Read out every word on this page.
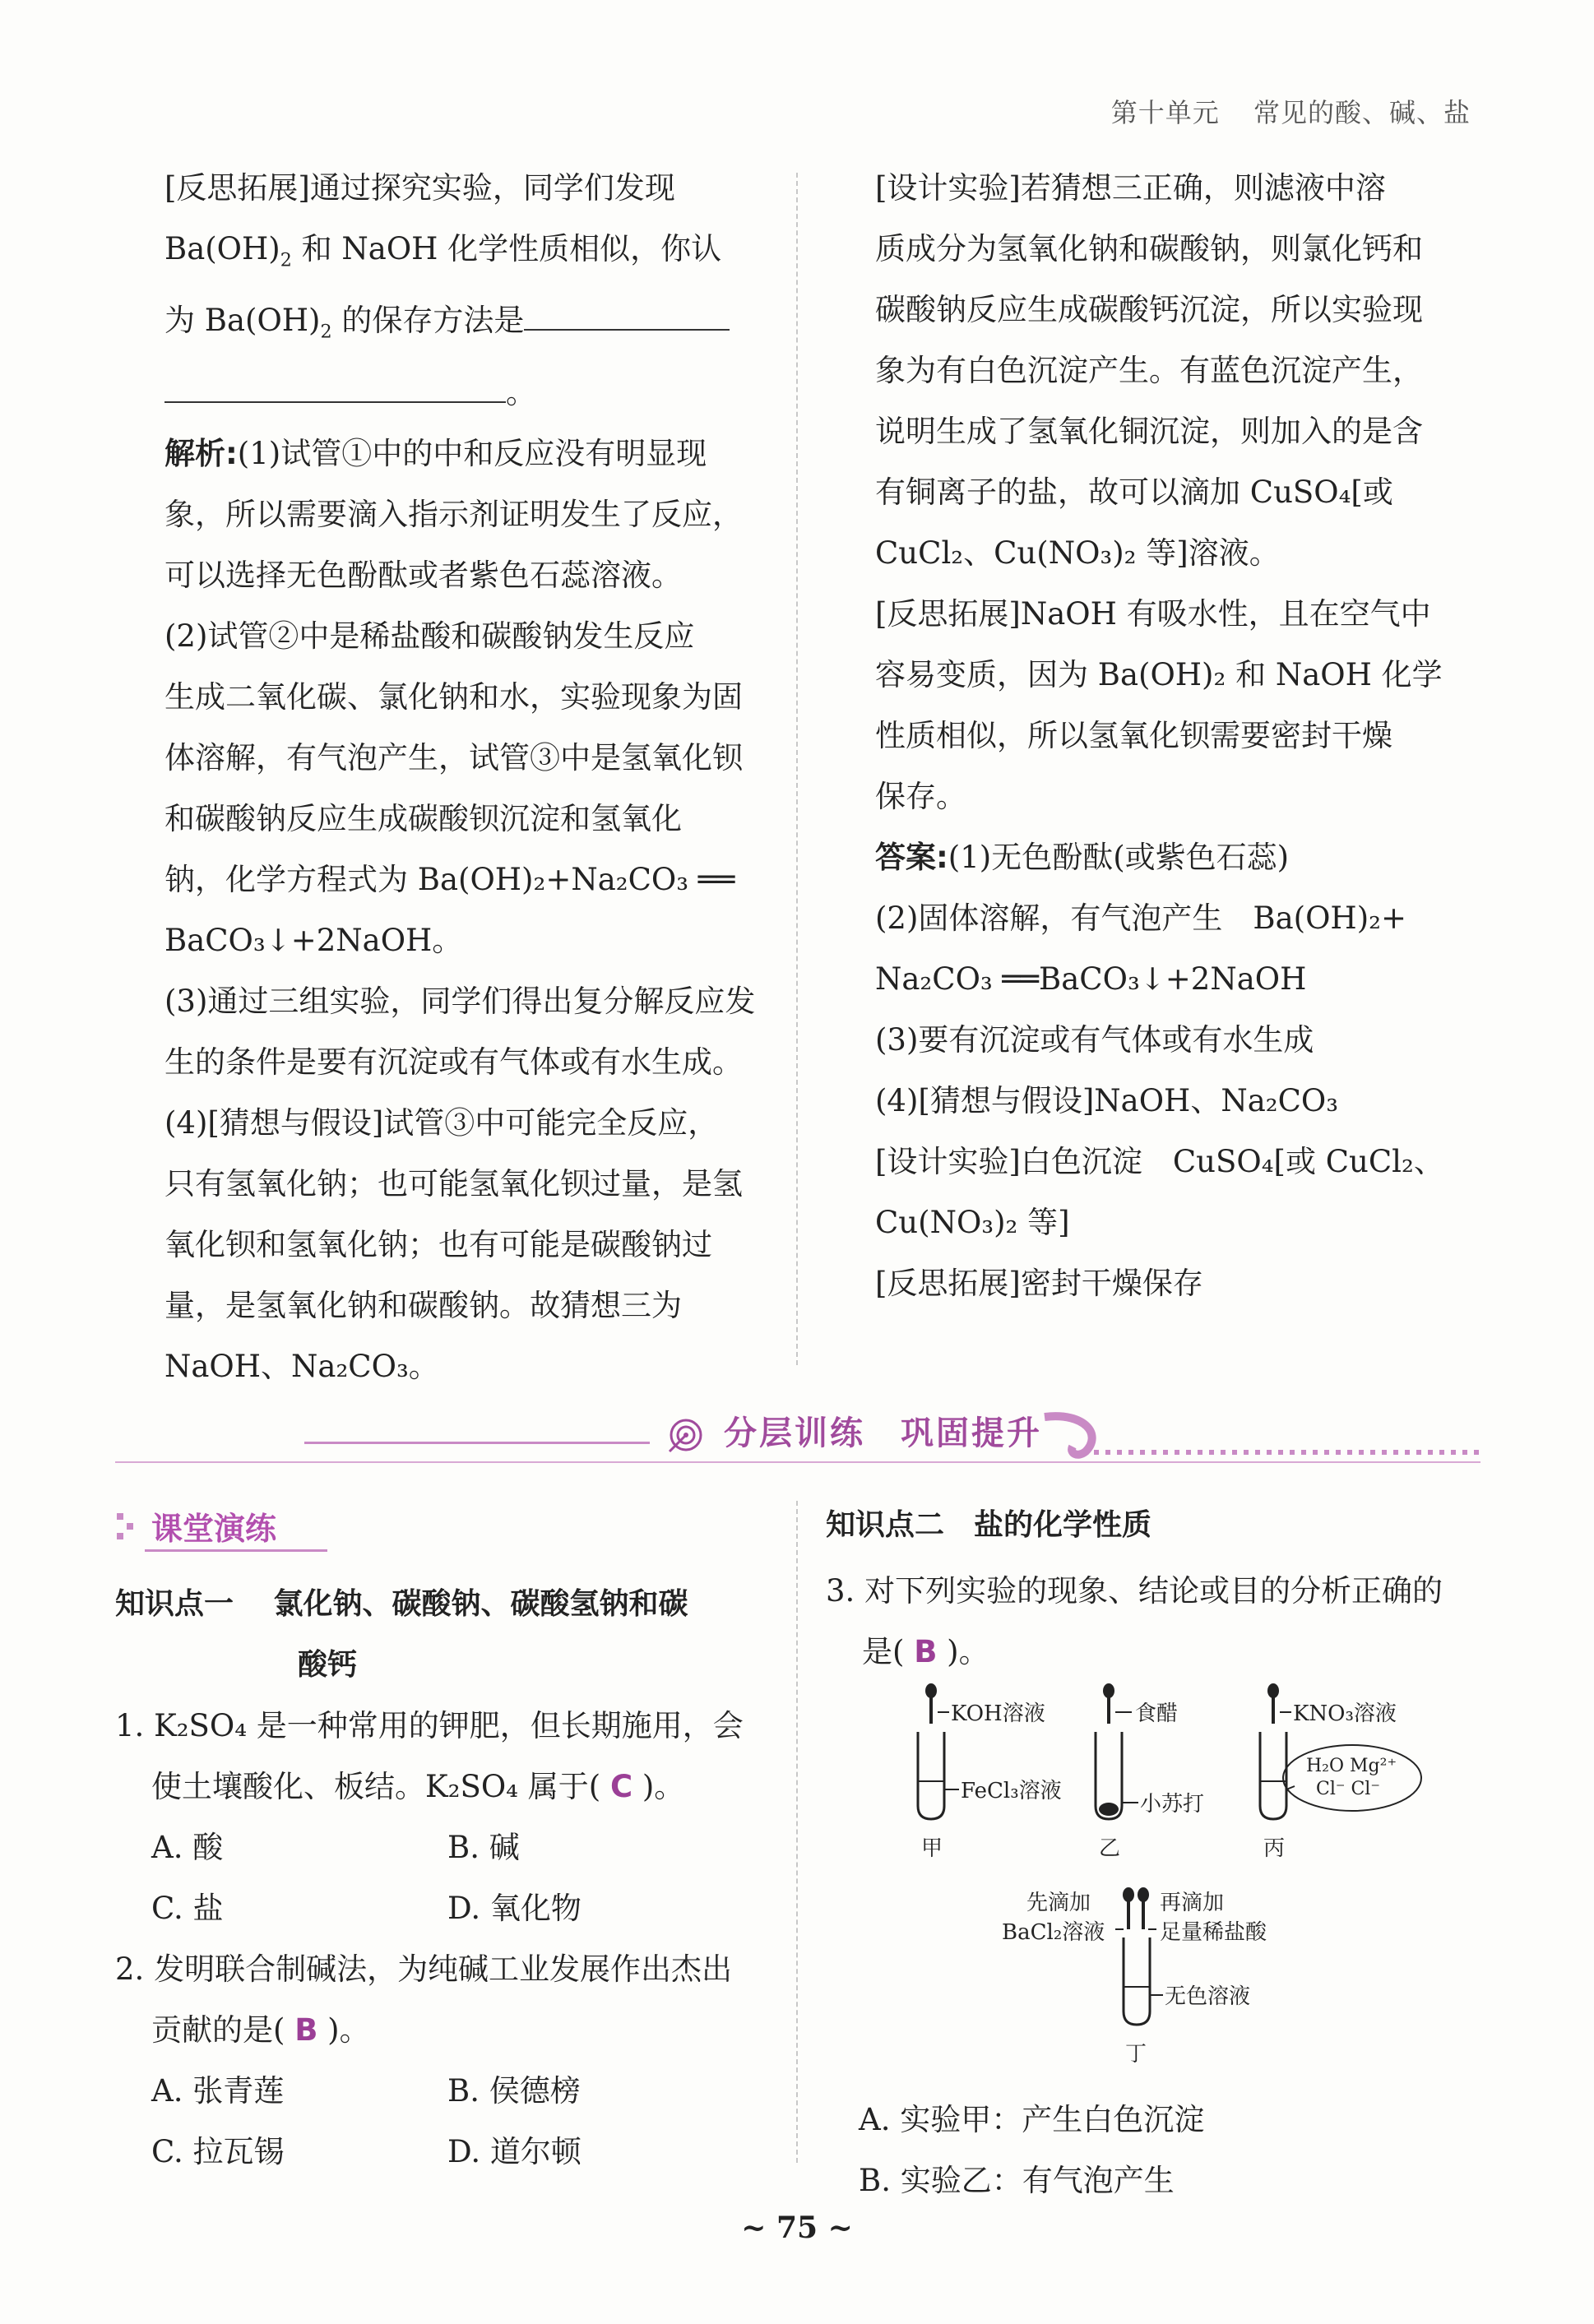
第十单元 常见的酸、碱、盐

[反思拓展]通过探究实验，同学们发现

$Ba(OH)_2$ 和 NaOH 化学性质相似，你认

为 $Ba(OH)_2$ 的保存方法是

。

解析:(1)试管①中的中和反应没有明显现

象，所以需要滴入指示剂证明发生了反应，

可以选择无色酚酞或者紫色石蕊溶液。

(2)试管②中是稀盐酸和碳酸钠发生反应

生成二氧化碳、氯化钠和水，实验现象为固

体溶解，有气泡产生，试管③中是氢氧化钡

和碳酸钠反应生成碳酸钡沉淀和氢氧化

钠，化学方程式为 Ba(OH)₂+Na₂CO₃ ══

BaCO₃↓+2NaOH。

(3)通过三组实验，同学们得出复分解反应发

生的条件是要有沉淀或有气体或有水生成。

(4)[猜想与假设]试管③中可能完全反应，

只有氢氧化钠；也可能氢氧化钡过量，是氢

氧化钡和氢氧化钠；也有可能是碳酸钠过

量，是氢氧化钠和碳酸钠。故猜想三为

NaOH、Na₂CO₃。

[设计实验]若猜想三正确，则滤液中溶

质成分为氢氧化钠和碳酸钠，则氯化钙和

碳酸钠反应生成碳酸钙沉淀，所以实验现

象为有白色沉淀产生。有蓝色沉淀产生，

说明生成了氢氧化铜沉淀，则加入的是含

有铜离子的盐，故可以滴加 CuSO₄[或

CuCl₂、Cu(NO₃)₂ 等]溶液。

[反思拓展]NaOH 有吸水性，且在空气中

容易变质，因为 Ba(OH)₂ 和 NaOH 化学

性质相似，所以氢氧化钡需要密封干燥

保存。

答案:(1)无色酚酞(或紫色石蕊)

(2)固体溶解，有气泡产生　Ba(OH)₂+

Na₂CO₃ ══BaCO₃↓+2NaOH

(3)要有沉淀或有气体或有水生成

(4)[猜想与假设]NaOH、Na₂CO₃

[设计实验]白色沉淀　CuSO₄[或 CuCl₂、

Cu(NO₃)₂ 等]

[反思拓展]密封干燥保存

分层训练　巩固提升
课堂演练

知识点一　 氯化钠、碳酸钠、碳酸氢钠和碳

酸钙

1. K₂SO₄ 是一种常用的钾肥，但长期施用，会

使土壤酸化、板结。K₂SO₄ 属于( C )。

A. 酸	B. 碱

C. 盐	D. 氧化物

2. 发明联合制碱法，为纯碱工业发展作出杰出

贡献的是( B )。

A. 张青莲	B. 侯德榜

C. 拉瓦锡	D. 道尔顿

知识点二　盐的化学性质

3. 对下列实验的现象、结论或目的分析正确的

是( B )。

KOH溶液
FeCl₃溶液
甲
食醋
小苏打
乙
KNO₃溶液
H₂O Mg²⁺
Cl⁻ Cl⁻
丙
先滴加
BaCl₂溶液
再滴加
足量稀盐酸
无色溶液
丁

A. 实验甲：产生白色沉淀

B. 实验乙：有气泡产生

~ 75 ~
